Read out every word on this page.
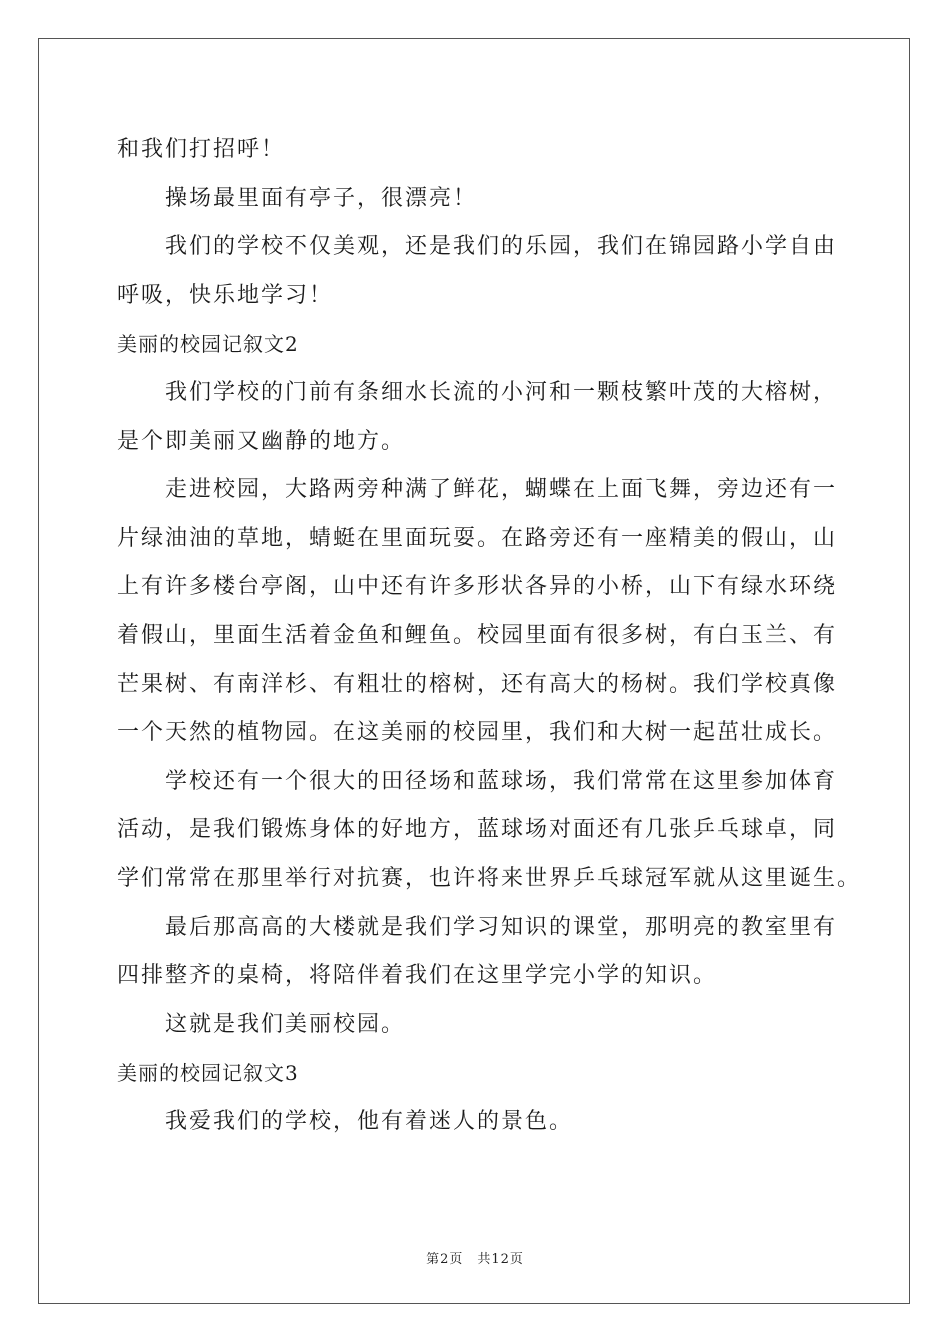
和我们打招呼！
操场最里面有亭子，很漂亮！
我们的学校不仅美观，还是我们的乐园，我们在锦园路小学自由
呼吸，快乐地学习！
美丽的校园记叙文2
我们学校的门前有条细水长流的小河和一颗枝繁叶茂的大榕树，
是个即美丽又幽静的地方。
走进校园，大路两旁种满了鲜花，蝴蝶在上面飞舞，旁边还有一
片绿油油的草地，蜻蜓在里面玩耍。在路旁还有一座精美的假山，山
上有许多楼台亭阁，山中还有许多形状各异的小桥，山下有绿水环绕
着假山，里面生活着金鱼和鲤鱼。校园里面有很多树，有白玉兰、有
芒果树、有南洋杉、有粗壮的榕树，还有高大的杨树。我们学校真像
一个天然的植物园。在这美丽的校园里，我们和大树一起茁壮成长。
学校还有一个很大的田径场和蓝球场，我们常常在这里参加体育
活动，是我们锻炼身体的好地方，蓝球场对面还有几张乒乓球卓，同
学们常常在那里举行对抗赛，也许将来世界乒乓球冠军就从这里诞生。
最后那高高的大楼就是我们学习知识的课堂，那明亮的教室里有
四排整齐的桌椅，将陪伴着我们在这里学完小学的知识。
这就是我们美丽校园。
美丽的校园记叙文3
我爱我们的学校，他有着迷人的景色。
第2页 共12页
